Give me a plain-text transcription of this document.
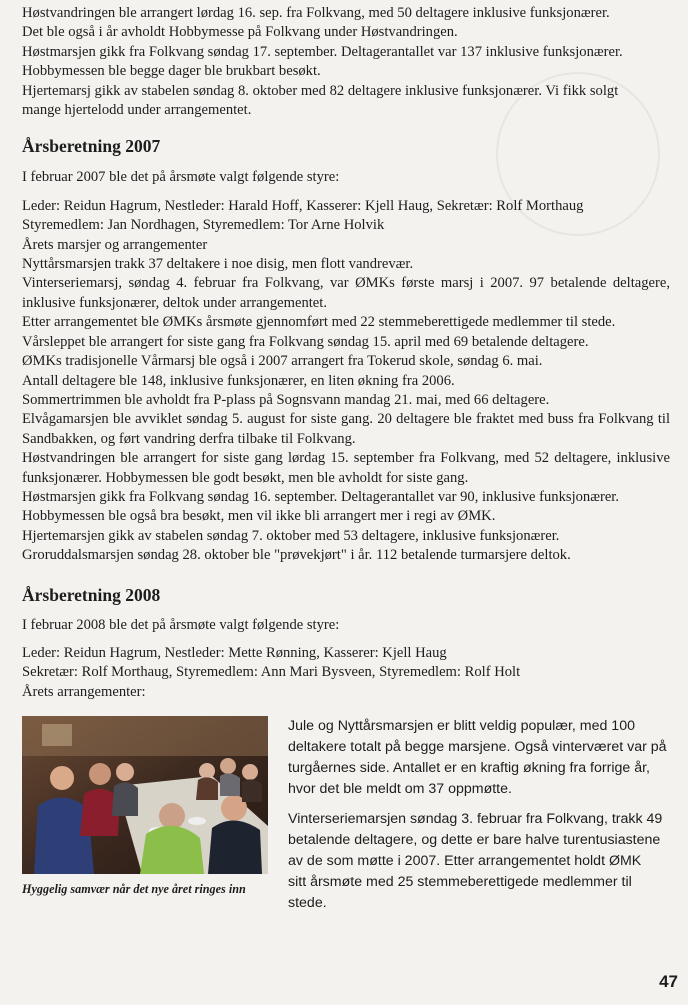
Høstvandringen ble arrangert lørdag 16. sep. fra Folkvang, med 50 deltagere inklusive funksjonærer.

Det ble også i år avholdt Hobbymesse på Folkvang under Høstvandringen.

Høstmarsjen gikk fra Folkvang søndag 17. september. Deltagerantallet var 137 inklusive funksjonærer.

Hobbymessen ble begge dager ble brukbart besøkt.

Hjertemarsj gikk av stabelen søndag 8. oktober med 82 deltagere inklusive funksjonærer. Vi fikk solgt

mange hjertelodd under arrangementet.

Årsberetning 2007

I februar 2007 ble det på årsmøte valgt følgende styre:

Leder: Reidun Hagrum, Nestleder: Harald Hoff, Kasserer: Kjell Haug, Sekretær: Rolf Morthaug

Styremedlem: Jan Nordhagen, Styremedlem: Tor Arne Holvik

Årets marsjer og arrangementer

Nyttårsmarsjen trakk 37 deltakere i noe disig, men flott vandrevær.

Vinterseriemarsj, søndag 4. februar fra Folkvang, var ØMKs første marsj i 2007. 97 betalende deltagere, inklusive funksjonærer, deltok under arrangementet.

Etter arrangementet ble ØMKs årsmøte gjennomført med 22 stemmeberettigede medlemmer til stede.

Vårsleppet ble arrangert for siste gang fra Folkvang søndag 15. april med 69 betalende deltagere.

ØMKs tradisjonelle Vårmarsj ble også i 2007 arrangert fra Tokerud skole, søndag 6. mai.

Antall deltagere ble 148, inklusive funksjonærer, en liten økning fra 2006.

Sommertrimmen ble avholdt fra P-plass på Sognsvann mandag 21. mai, med 66 deltagere.

Elvågamarsjen ble avviklet søndag 5. august for siste gang. 20 deltagere ble fraktet med buss fra Folkvang til Sandbakken, og ført vandring derfra tilbake til Folkvang.

Høstvandringen ble arrangert for siste gang lørdag 15. september fra Folkvang, med 52 deltagere, inklusive funksjonærer. Hobbymessen ble godt besøkt, men ble avholdt for siste gang.

Høstmarsjen gikk fra Folkvang søndag 16. september. Deltagerantallet var 90, inklusive funksjonærer.

Hobbymessen ble også bra besøkt, men vil ikke bli arrangert mer i regi av ØMK.

Hjertemarsjen gikk av stabelen søndag 7. oktober med 53 deltagere, inklusive funksjonærer.

Groruddalsmarsjen søndag 28. oktober ble "prøvekjørt" i år. 112 betalende turmarsjere deltok.

Årsberetning 2008

I februar 2008 ble det på årsmøte valgt følgende styre:

Leder: Reidun Hagrum, Nestleder: Mette Rønning, Kasserer: Kjell Haug

Sekretær: Rolf Morthaug, Styremedlem: Ann Mari Bysveen, Styremedlem: Rolf Holt

Årets arrangementer:

Hyggelig samvær når det nye året ringes inn

Jule og Nyttårsmarsjen er blitt veldig populær, med 100

deltakere totalt på begge marsjene. Også vinterværet var på

turgåernes side. Antallet er en kraftig økning fra forrige år,

hvor det ble meldt om 37 oppmøtte.

Vinterseriemarsjen søndag 3. februar fra Folkvang, trakk 49

betalende deltagere, og dette er bare halve turentusiastene

av de som møtte i 2007. Etter arrangementet holdt ØMK

sitt årsmøte med 25 stemmeberettigede medlemmer til

stede.

47
